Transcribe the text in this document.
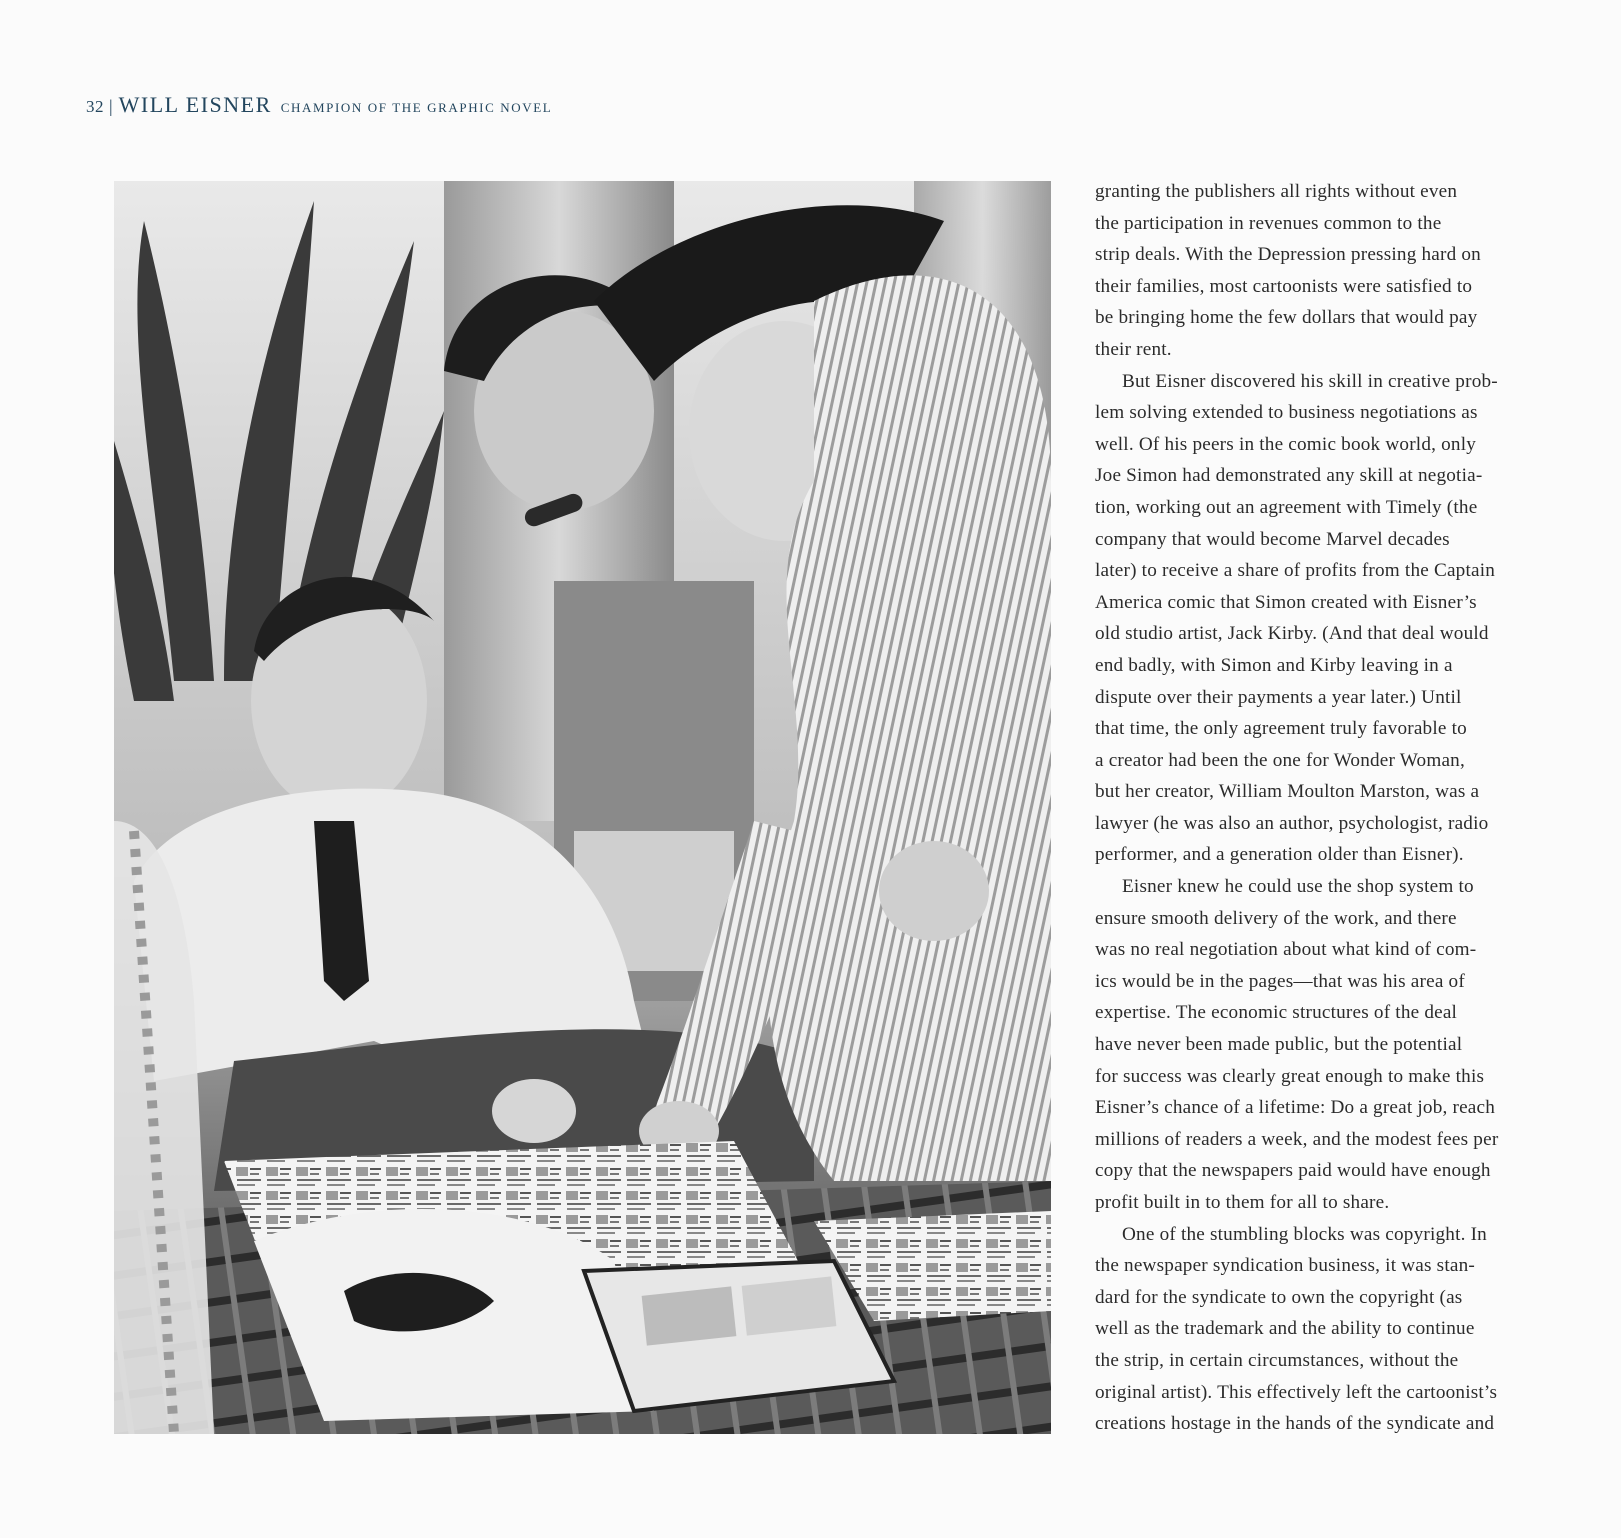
32 | WILL EISNER CHAMPION OF THE GRAPHIC NOVEL
granting the publishers all rights without even
the participation in revenues common to the
strip deals. With the Depression pressing hard on
their families, most cartoonists were satisfied to
be bringing home the few dollars that would pay
their rent.
But Eisner discovered his skill in creative prob-
lem solving extended to business negotiations as
well. Of his peers in the comic book world, only
Joe Simon had demonstrated any skill at negotia-
tion, working out an agreement with Timely (the
company that would become Marvel decades
later) to receive a share of profits from the Captain
America comic that Simon created with Eisner’s
old studio artist, Jack Kirby. (And that deal would
end badly, with Simon and Kirby leaving in a
dispute over their payments a year later.) Until
that time, the only agreement truly favorable to
a creator had been the one for Wonder Woman,
but her creator, William Moulton Marston, was a
lawyer (he was also an author, psychologist, radio
performer, and a generation older than Eisner).
Eisner knew he could use the shop system to
ensure smooth delivery of the work, and there
was no real negotiation about what kind of com-
ics would be in the pages—that was his area of
expertise. The economic structures of the deal
have never been made public, but the potential
for success was clearly great enough to make this
Eisner’s chance of a lifetime: Do a great job, reach
millions of readers a week, and the modest fees per
copy that the newspapers paid would have enough
profit built in to them for all to share.
One of the stumbling blocks was copyright. In
the newspaper syndication business, it was stan-
dard for the syndicate to own the copyright (as
well as the trademark and the ability to continue
the strip, in certain circumstances, without the
original artist). This effectively left the cartoonist’s
creations hostage in the hands of the syndicate and
